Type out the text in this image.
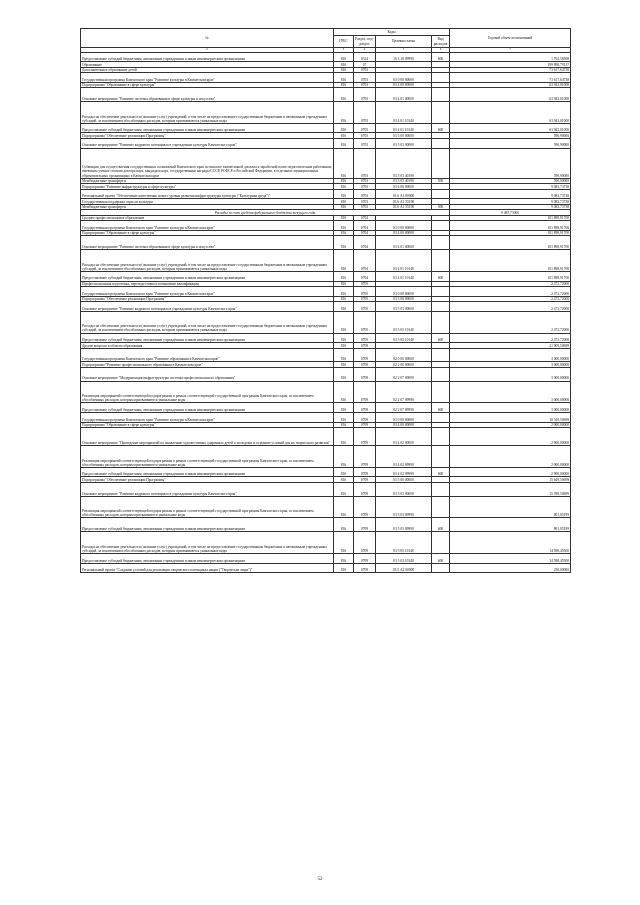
№	Коды				Годовой объем ассигнований
	ГРБС	Раздел, под-раздел	Целевая статья	Вид расходов	
2	3	4	5	6	7
Предоставление субсидий бюджетным, автономным учреждениям и иным некоммерческим организациям	816	0314	16 3 10 09990	600	1 702,56508
Образование	816	07			199 898,79137
Дополнительное образование детей	816	0703			73 617,64738
Государственная программа Камчатского края "Развитие культуры в Камчатском крае"	816	0703	03 0 00 00000		73 617,64738
Подпрограмма "Образование в сфере культуры"	816	0703	03 4 00 00000		63 943,01000
Основное мероприятие "Развитие системы образования в сфере культуры и искусства"	816	0703	03 4 01 00000		63 943,01000
Расходы на обеспечение деятельности (оказание услуг) учреждений, в том числе на предоставление государственным бюджетным и автономным учреждениям субсидий, за исключением обособленных расходов, которым присваиваются уникальные коды	816	0703	03 4 01 10140		63 943,01000
Предоставление субсидий бюджетным, автономным учреждениям и иным некоммерческим организациям	816	0703	03 4 01 10140	600	63 943,01000
Подпрограмма "Обеспечение реализации Программы"	816	0703	03 5 00 00000		590,90000
Основное мероприятие "Развитие кадрового потенциала в учреждениях культуры Камчатского края"	816	0703	03 5 03 00000		590,90000
Субвенции для осуществления государственных полномочий Камчатского края по выплате ежемесячной доплаты к заработной плате педагогическим работникам, имеющим ученые степени доктора наук, кандидата наук, государственные награды СССР, РСФСР и Российской Федерации, в отдельных муниципальных образовательных организациях в Камчатском крае	816	0703	03 5 03 40190		590,90000
Межбюджетные трансферты	816	0703	03 5 03 40190	500	590,90000
Подпрограмма "Развитие инфраструктуры в сфере культуры"	816	0703	03 6 00 00000		9 083,73738
Региональный проект "Обеспечение качественно нового уровня развития инфраструктуры культуры ("Культурная среда")"	816	0703	03 6 А1 00000		9 083,73738
Государственная поддержка отрасли культуры	816	0703	03 6 А1 55190		9 083,73738
Межбюджетные трансферты	816	0703	03 6 А1 55190	500	9 083,73738
Расходы за счет средств федерального бюджета текущего года					9 083,73000
Среднее профессиональное образование	816	0704			101 898,91700
Государственная программа Камчатского края "Развитие культуры в Камчатском крае"	816	0704	03 0 00 00000		101 898,91700
Подпрограмма "Образование в сфере культуры"	816	0704	03 4 00 00000		101 898,91700
Основное мероприятие "Развитие системы образования в сфере культуры и искусства"	816	0704	03 4 01 00000		101 898,91700
Расходы на обеспечение деятельности (оказание услуг) учреждений, в том числе на предоставление государственным бюджетным и автономным учреждениям субсидий, за исключением обособленных расходов, которым присваиваются уникальные коды	816	0704	03 4 01 10140		101 898,91700
Предоставление субсидий бюджетным, автономным учреждениям и иным некоммерческим организациям	816	0704	03 4 01 10140	600	101 898,91700
Профессиональная подготовка, переподготовка и повышение квалификации	816	0705			2 472,72000
Государственная программа Камчатского края "Развитие культуры в Камчатском крае"	816	0705	03 0 00 00000		2 472,72000
Подпрограмма "Обеспечение реализации Программы"	816	0705	03 5 00 00000		2 472,72000
Основное мероприятие "Развитие кадрового потенциала в учреждениях культуры Камчатского края"	816	0705	03 5 03 00000		2 472,72000
Расходы на обеспечение деятельности (оказание услуг) учреждений, в том числе на предоставление государственным бюджетным и автономным учреждениям субсидий, за исключением обособленных расходов, которым присваиваются уникальные коды	816	0705	03 5 03 10140		2 472,72000
Предоставление субсидий бюджетным, автономным учреждениям и иным некоммерческим организациям	816	0705	03 5 03 10140	600	2 472,72000
Другие вопросы в области образования	816	0709			21 909,50699
Государственная программа Камчатского края "Развитие образования в Камчатском крае"	816	0709	02 0 00 00000		3 000,00000
Подпрограмма "Развитие профессионального образования в Камчатском крае"	816	0709	02 2 00 00000		3 000,00000
Основное мероприятие "Модернизация инфраструктуры системы профессионального образования"	816	0709	02 2 07 00000		3 000,00000
Реализация мероприятий соответствующей подпрограммы в рамках соответствующей государственной программы Камчатского края, за исключением обособленных расходов, которым присваиваются уникальные коды	816	0709	02 2 07 09990		3 000,00000
Предоставление субсидий бюджетным, автономным учреждениям и иным некоммерческим организациям	816	0709	02 2 07 09990	600	3 000,00000
Государственная программа Камчатского края "Развитие культуры в Камчатском крае"	816	0709	03 0 00 00000		18 549,50699
Подпрограмма "Образование в сфере культуры"	816	0709	03 4 00 00000		2 900,00000
Основное мероприятие "Проведение мероприятий по выявлению художественно одаренных детей и молодежи и созданию условий для их творческого развития"	816	0709	03 4 02 00000		2 900,00000
Реализация мероприятий соответствующей подпрограммы в рамках соответствующей государственной программы Камчатского края, за исключением обособленных расходов, которым присваиваются уникальные коды	816	0709	03 4 02 09990		2 900,00000
Предоставление субсидий бюджетным, автономным учреждениям и иным некоммерческим организациям	816	0709	03 4 02 09990	600	2 900,00000
Подпрограмма "Обеспечение реализации Программы"	816	0709	03 5 00 00000		15 649,50699
Основное мероприятие "Развитие кадрового потенциала в учреждениях культуры Камчатского края"	816	0709	03 5 03 00000		15 399,50699
Реализация мероприятий соответствующей подпрограммы в рамках соответствующей государственной программы Камчатского края, за исключением обособленных расходов, которым присваиваются уникальные коды	816	0709	03 5 03 09990		801,05199
Предоставление субсидий бюджетным, автономным учреждениям и иным некоммерческим организациям	816	0709	03 5 03 09990	600	801,05199
Расходы на обеспечение деятельности (оказание услуг) учреждений, в том числе на предоставление государственным бюджетным и автономным учреждениям субсидий, за исключением обособленных расходов, которым присваиваются уникальные коды	816	0709	03 5 03 10140		14 598,45500
Предоставление субсидий бюджетным, автономным учреждениям и иным некоммерческим организациям	816	0709	03 5 03 10140	600	14 598,45500
Региональный проект "Создание условий для реализации творческого потенциала нации ("Творческие люди")"	816	0709	03 5 А2 00000		250,00000
52
